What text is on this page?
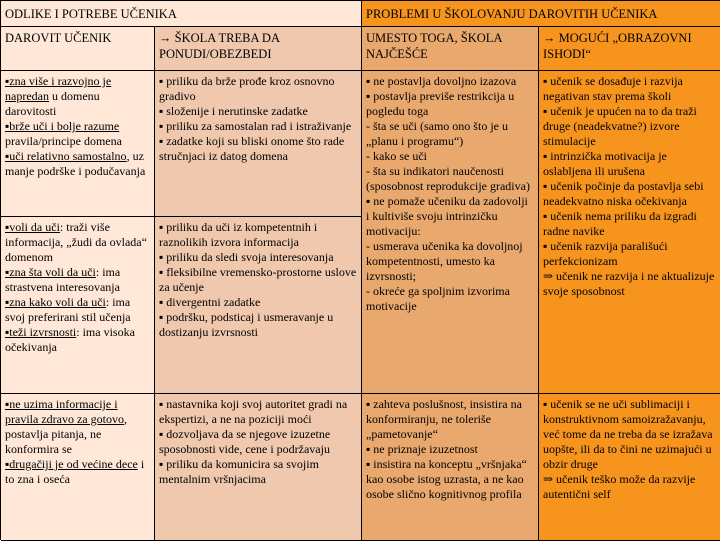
ODLIKE I POTREBE UČENIKA	PROBLEMI U ŠKOLOVANJU DAROVITIH UČENIKA
DAROVIT UČENIK	→ ŠKOLA TREBA DA PONUDI/OBEZBEDI
UMESTO TOGA, ŠKOLA NAJČEŠĆE
→ MOGUĆI „OBRAZOVNI ISHODI“
▪zna više i razvojno je napredan u domenu darovitosti
▪brže uči i bolje razume pravila/principe domena
▪uči relativno samostalno, uz manje podrške i podučavanja
▪ priliku da brže prođe kroz osnovno gradivo
▪ složenije i nerutinske zadatke
▪ priliku za samostalan rad i istraživanje
▪ zadatke koji su bliski onome što rade stručnjaci iz datog domena
▪ ne postavlja dovoljno izazova
▪ postavlja previše restrikcija u pogledu toga
- šta se uči (samo ono što je u „planu i programu“)
- kako se uči
- šta su indikatori naučenosti (sposobnost reprodukcije gradiva)
▪ ne pomaže učeniku da zadovolji i kultiviše svoju intrinzičku motivaciju:
- usmerava učenika ka dovoljnoj kompetentnosti, umesto ka izvrsnosti;
- okreće ga spoljnim izvorima motivacije
▪ učenik se dosađuje i razvija negativan stav prema školi
▪ učenik je upućen na to da traži druge (neadekvatne?) izvore stimulacije
▪ intrinzička motivacija je oslabljena ili urušena
▪ učenik počinje da postavlja sebi neadekvatno niska očekivanja
▪ učenik nema priliku da izgradi radne navike
▪ učenik razvija parališući perfekcionizam
⇒ učenik ne razvija i ne aktualizuje svoje sposobnost
▪voli da uči: traži više informacija, „žudi da ovlada“ domenom
▪zna šta voli da uči: ima strastvena interesovanja
▪zna kako voli da uči: ima svoj preferirani stil učenja
▪teži izvrsnosti: ima visoka očekivanja
▪ priliku da uči iz kompetentnih i raznolikih izvora informacija
▪ priliku da sledi svoja interesovanja
▪ fleksibilne vremensko-prostorne uslove za učenje
▪ divergentni zadatke
▪ podršku, podsticaj i usmeravanje u dostizanju izvrsnosti
▪ne uzima informacije i pravila zdravo za gotovo, postavlja pitanja, ne konformira se
▪drugačiji je od većine dece i to zna i oseća
▪ nastavnika koji svoj autoritet gradi na ekspertizi, a ne na poziciji moći
▪ dozvoljava da se njegove izuzetne sposobnosti vide, cene i podržavaju
▪ priliku da komunicira sa svojim mentalnim vršnjacima
▪ zahteva poslušnost, insistira na konformiranju, ne toleriše „pametovanje“
▪ ne priznaje izuzetnost
▪ insistira na konceptu „vršnjaka“ kao osobe istog uzrasta, a ne kao osobe slično kognitivnog profila
▪ učenik se ne uči sublimaciji i konstruktivnom samoizražavanju, već tome da ne treba da se izražava uopšte, ili da to čini ne uzimajući u obzir druge
⇒ učenik teško može da razvije autentični self
